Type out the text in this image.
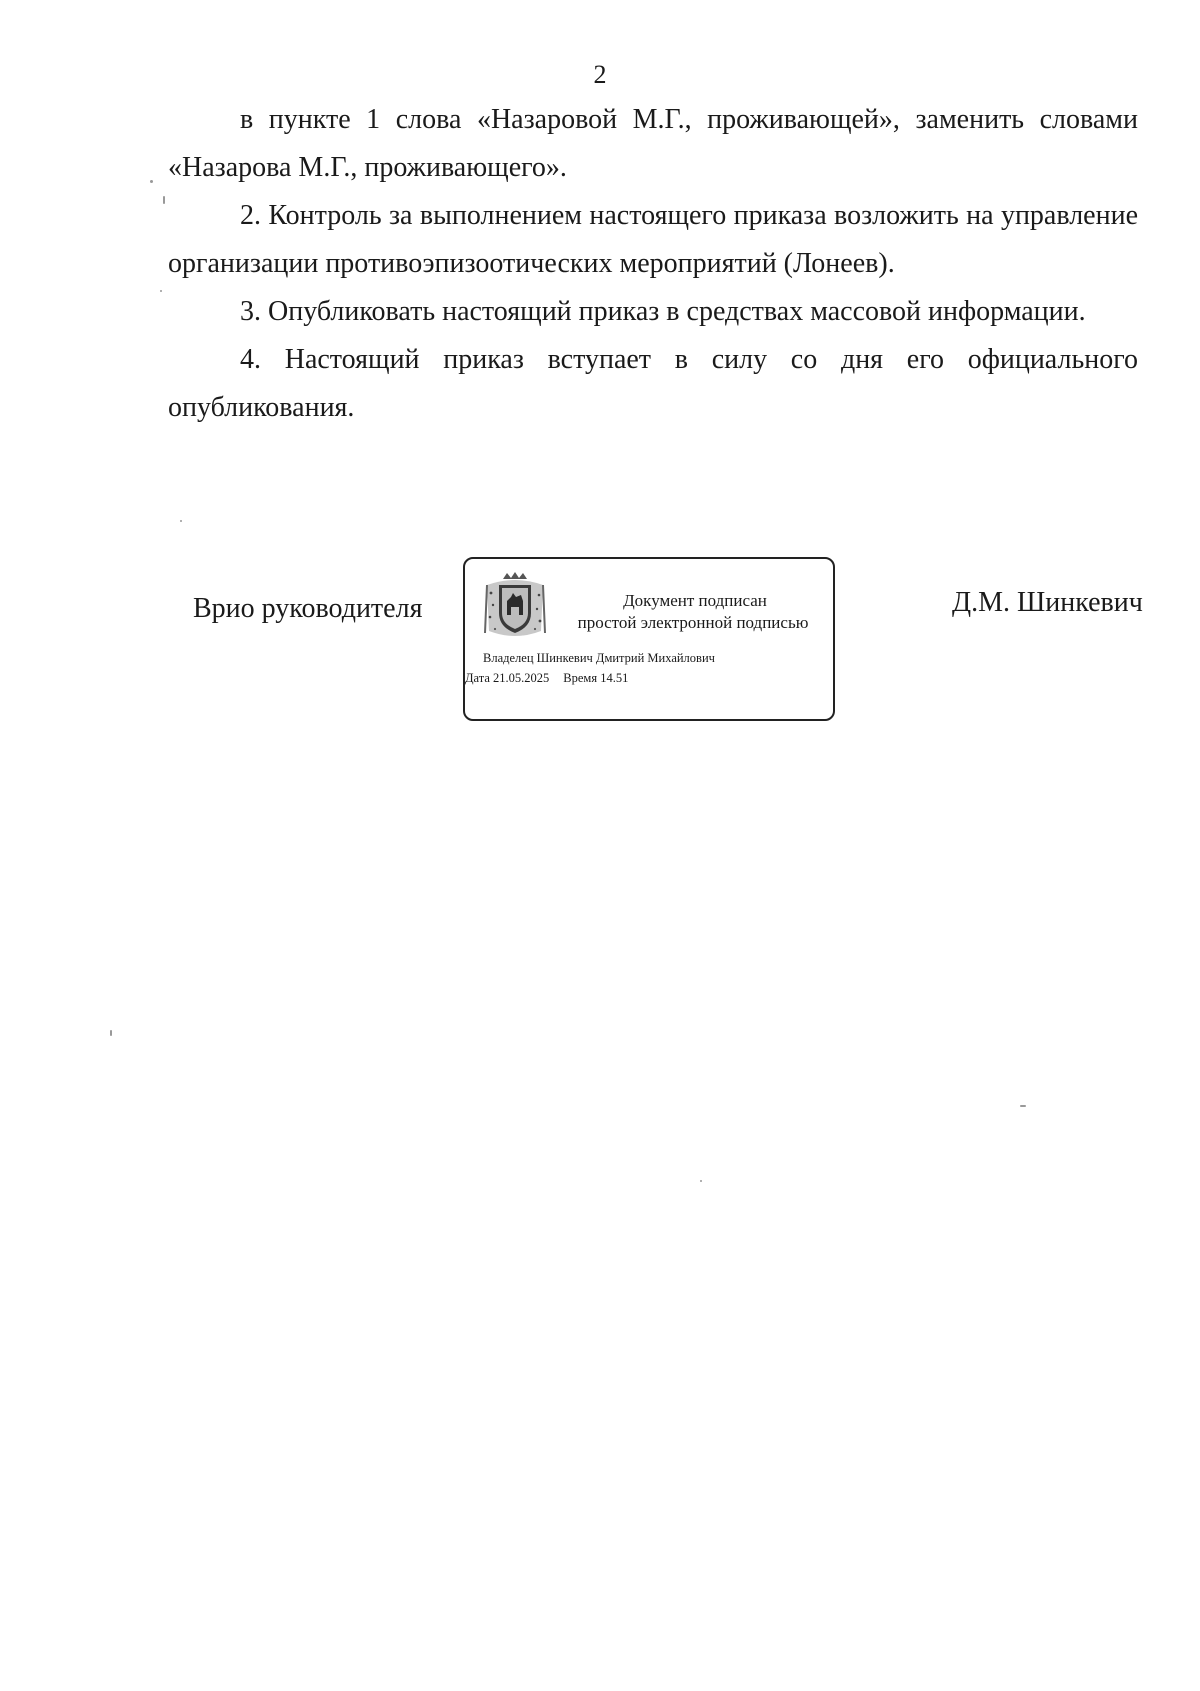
2

в пункте 1 слова «Назаровой М.Г., проживающей», заменить словами «Назарова М.Г., проживающего».

2. Контроль за выполнением настоящего приказа возложить на управление организации противоэпизоотических мероприятий (Лонеев).

3. Опубликовать настоящий приказ в средствах массовой информации.

4. Настоящий приказ вступает в силу со дня его официального опубликования.

Врио руководителя	Документ подписан
простой электронной подписью
Владелец Шинкевич Дмитрий Михайлович
Дата 21.05.2025 Время 14.51
Д.М. Шинкевич
